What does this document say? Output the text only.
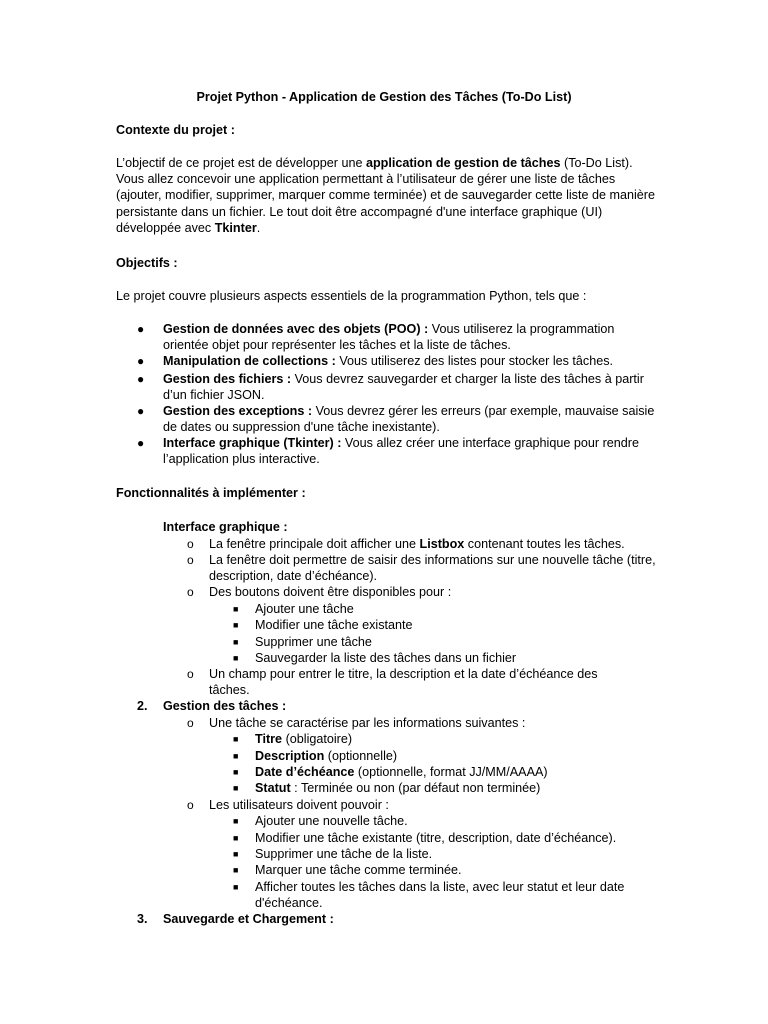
Projet Python - Application de Gestion des Tâches (To-Do List)
Contexte du projet :

L’objectif de ce projet est de développer une application de gestion de tâches (To-Do List). Vous allez concevoir une application permettant à l’utilisateur de gérer une liste de tâches (ajouter, modifier, supprimer, marquer comme terminée) et de sauvegarder cette liste de manière persistante dans un fichier. Le tout doit être accompagné d'une interface graphique (UI) développée avec Tkinter.

Objectifs :
Le projet couvre plusieurs aspects essentiels de la programmation Python, tels que :
● Gestion de données avec des objets (POO) : Vous utiliserez la programmation orientée objet pour représenter les tâches et la liste de tâches.

● Manipulation de collections : Vous utiliserez des listes pour stocker les tâches.

● Gestion des fichiers : Vous devrez sauvegarder et charger la liste des tâches à partir d’un fichier JSON.

● Gestion des exceptions : Vous devrez gérer les erreurs (par exemple, mauvaise saisie de dates ou suppression d'une tâche inexistante).

● Interface graphique (Tkinter) : Vous allez créer une interface graphique pour rendre l’application plus interactive.

Fonctionnalités à implémenter :
Interface graphique :
o La fenêtre principale doit afficher une Listbox contenant toutes les tâches.

o La fenêtre doit permettre de saisir des informations sur une nouvelle tâche (titre, description, date d’échéance).

o Des boutons doivent être disponibles pour :

■ Ajouter une tâche

■ Modifier une tâche existante

■ Supprimer une tâche

■ Sauvegarder la liste des tâches dans un fichier

o Un champ pour entrer le titre, la description et la date d’échéance des tâches.

2. Gestion des tâches :
o Une tâche se caractérise par les informations suivantes :

■ Titre (obligatoire)

■ Description (optionnelle)

■ Date d’échéance (optionnelle, format JJ/MM/AAAA)

■ Statut : Terminée ou non (par défaut non terminée)

o Les utilisateurs doivent pouvoir :

■ Ajouter une nouvelle tâche.

■ Modifier une tâche existante (titre, description, date d’échéance).

■ Supprimer une tâche de la liste.

■ Marquer une tâche comme terminée.

■ Afficher toutes les tâches dans la liste, avec leur statut et leur date d'échéance.

3. Sauvegarde et Chargement :
